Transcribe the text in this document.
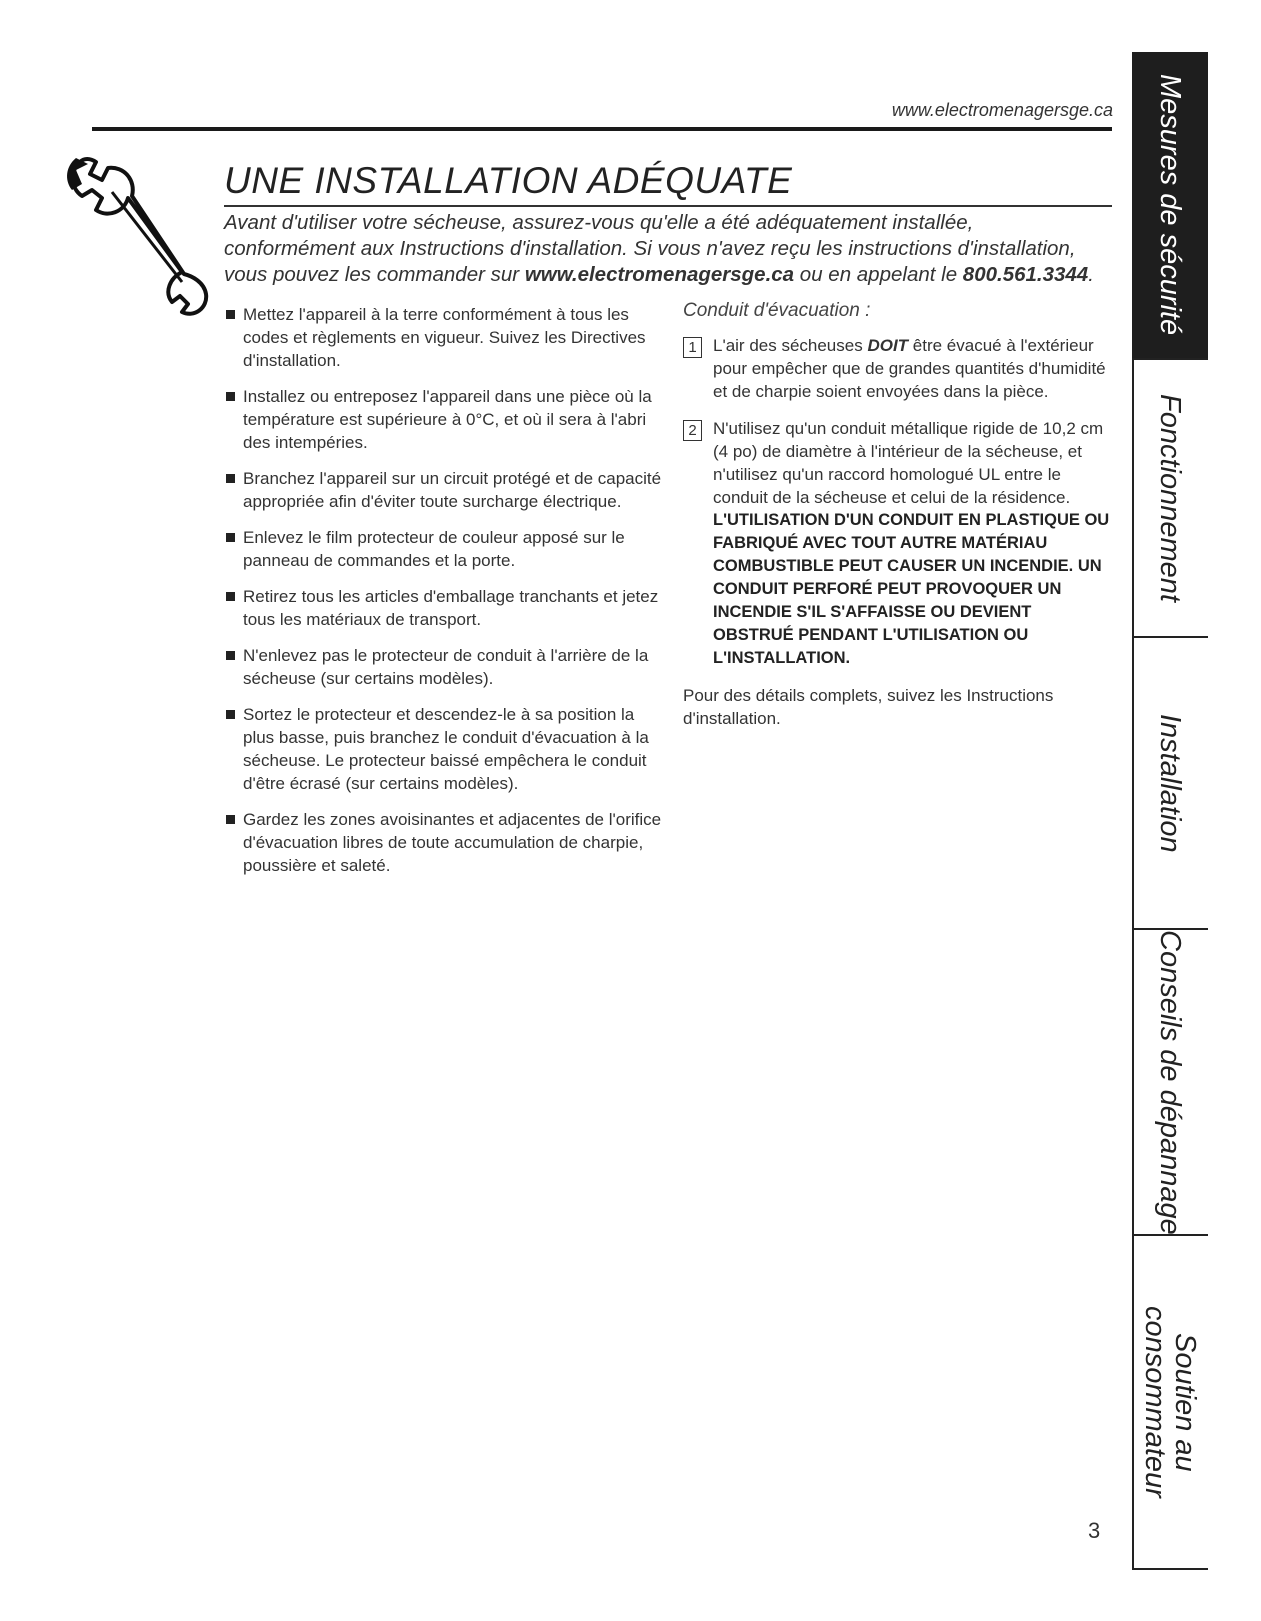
www.electromenagersge.ca
UNE INSTALLATION ADÉQUATE
Avant d'utiliser votre sécheuse, assurez-vous qu'elle a été adéquatement installée, conformément aux Instructions d'installation. Si vous n'avez reçu les instructions d'installation, vous pouvez les commander sur www.electromenagersge.ca ou en appelant le 800.561.3344.
Mettez l'appareil à la terre conformément à tous les codes et règlements en vigueur. Suivez les Directives d'installation.
Installez ou entreposez l'appareil dans une pièce où la température est supérieure à 0°C, et où il sera à l'abri des intempéries.
Branchez l'appareil sur un circuit protégé et de capacité appropriée afin d'éviter toute surcharge électrique.
Enlevez le film protecteur de couleur apposé sur le panneau de commandes et la porte.
Retirez tous les articles d'emballage tranchants et jetez tous les matériaux de transport.
N'enlevez pas le protecteur de conduit à l'arrière de la sécheuse (sur certains modèles).
Sortez le protecteur et descendez-le à sa position la plus basse, puis branchez le conduit d'évacuation à la sécheuse. Le protecteur baissé empêchera le conduit d'être écrasé (sur certains modèles).
Gardez les zones avoisinantes et adjacentes de l'orifice d'évacuation libres de toute accumulation de charpie, poussière et saleté.
Conduit d'évacuation :
1 L'air des sécheuses DOIT être évacué à l'extérieur pour empêcher que de grandes quantités d'humidité et de charpie soient envoyées dans la pièce.
2 N'utilisez qu'un conduit métallique rigide de 10,2 cm (4 po) de diamètre à l'intérieur de la sécheuse, et n'utilisez qu'un raccord homologué UL entre le conduit de la sécheuse et celui de la résidence.
L'UTILISATION D'UN CONDUIT EN PLASTIQUE OU FABRIQUÉ AVEC TOUT AUTRE MATÉRIAU COMBUSTIBLE PEUT CAUSER UN INCENDIE. UN CONDUIT PERFORÉ PEUT PROVOQUER UN INCENDIE S'IL S'AFFAISSE OU DEVIENT OBSTRUÉ PENDANT L'UTILISATION OU L'INSTALLATION.
Pour des détails complets, suivez les Instructions d'installation.
3
Mesures de sécurité
Fonctionnement
Installation
Conseils de dépannage
Soutien au
consommateur
